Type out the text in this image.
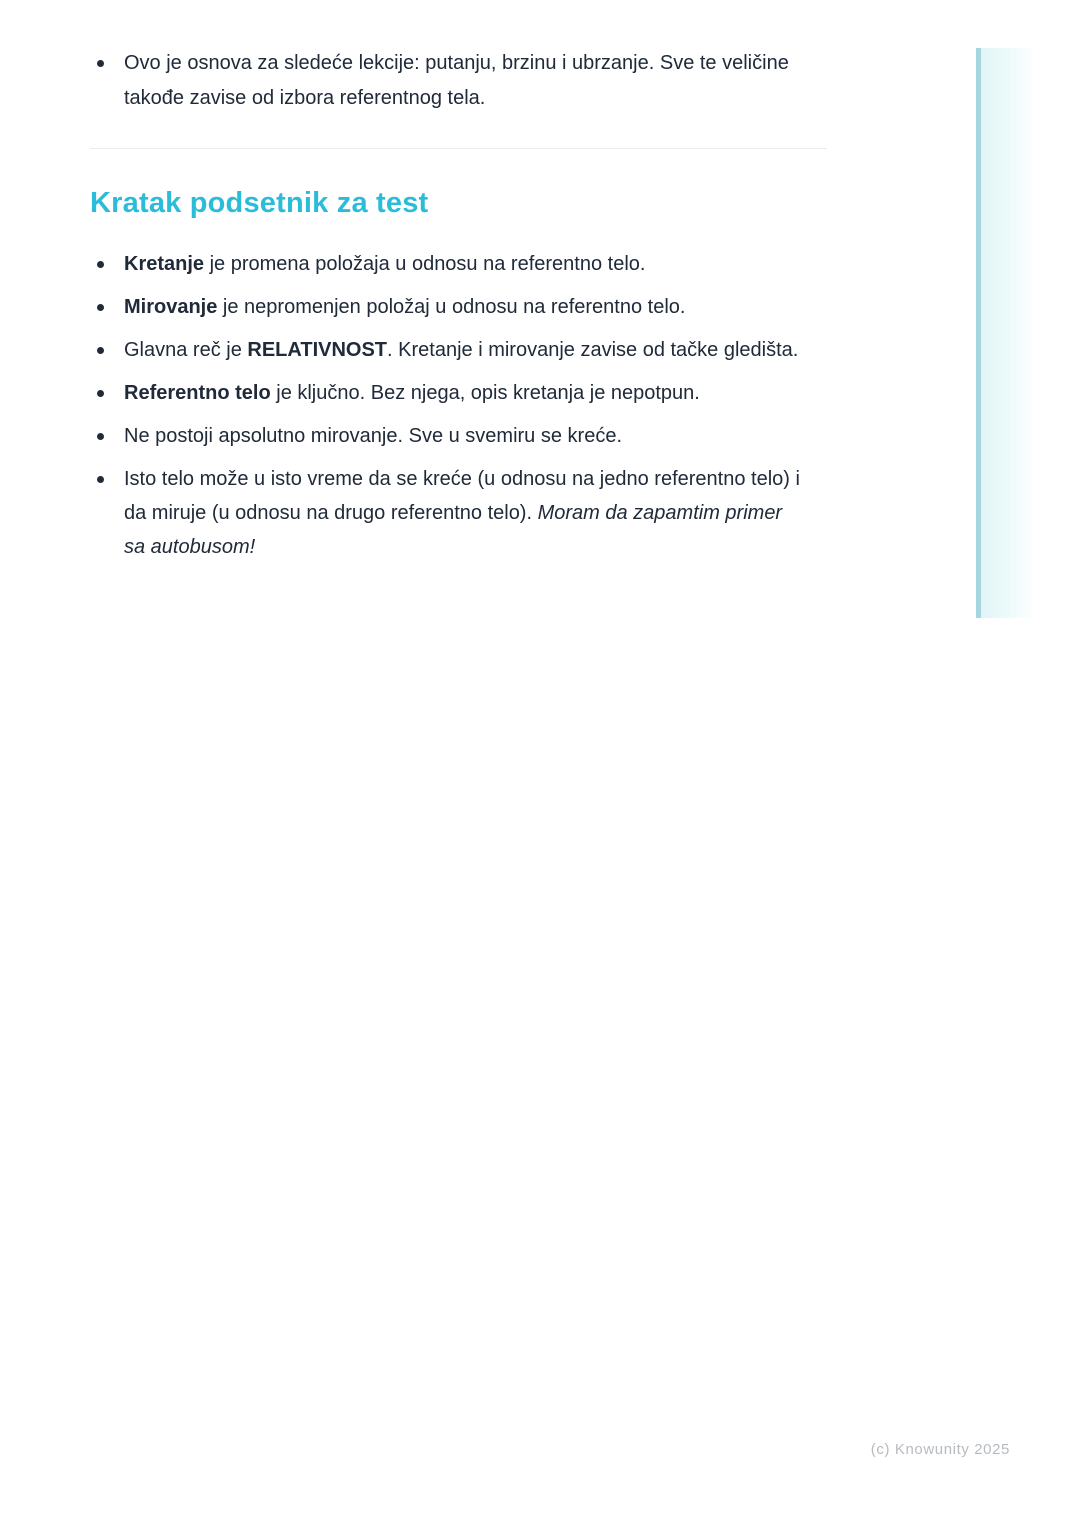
Ovo je osnova za sledeće lekcije: putanju, brzinu i ubrzanje. Sve te veličine takođe zavise od izbora referentnog tela.
Kratak podsetnik za test
Kretanje je promena položaja u odnosu na referentno telo.
Mirovanje je nepromenjen položaj u odnosu na referentno telo.
Glavna reč je RELATIVNOST. Kretanje i mirovanje zavise od tačke gledišta.
Referentno telo je ključno. Bez njega, opis kretanja je nepotpun.
Ne postoji apsolutno mirovanje. Sve u svemiru se kreće.
Isto telo može u isto vreme da se kreće (u odnosu na jedno referentno telo) i da miruje (u odnosu na drugo referentno telo). Moram da zapamtim primer sa autobusom!
(c) Knowunity 2025
